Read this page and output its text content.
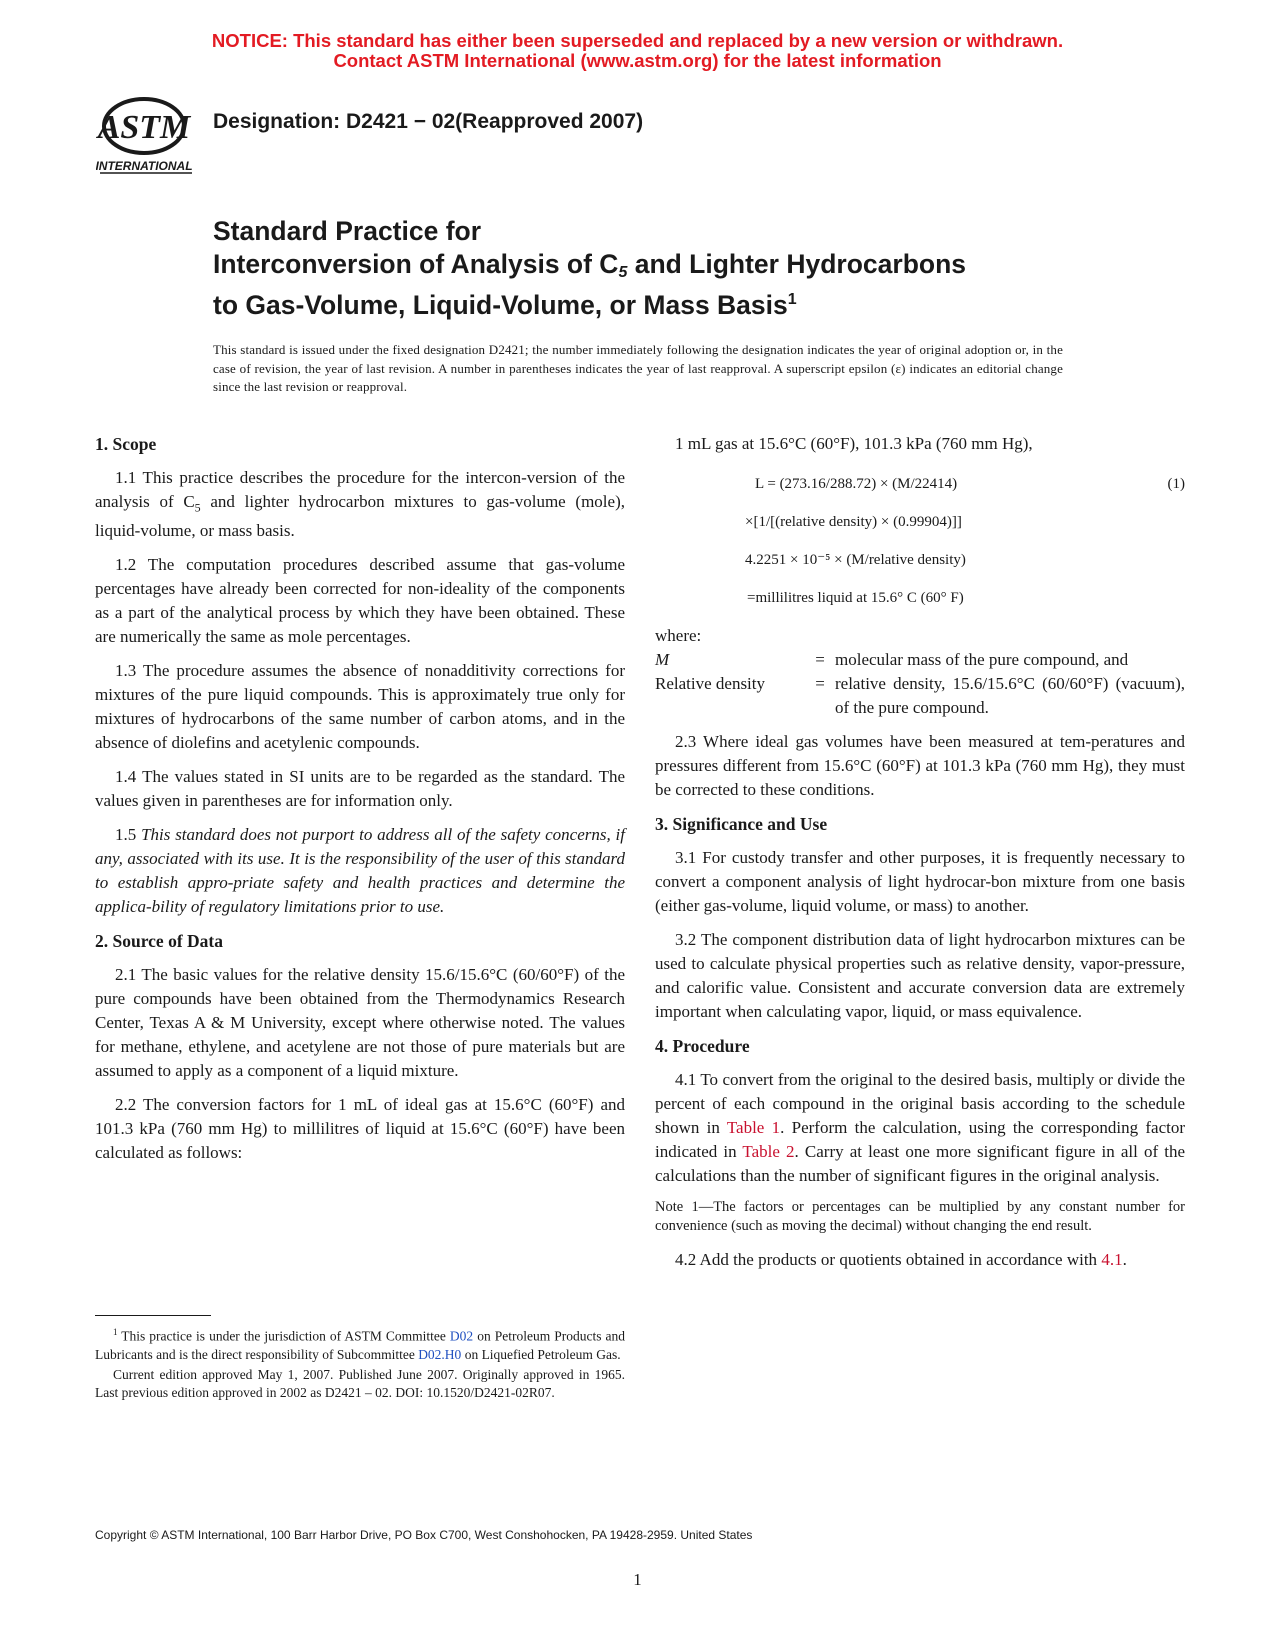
NOTICE: This standard has either been superseded and replaced by a new version or withdrawn.
Contact ASTM International (www.astm.org) for the latest information
ASTM
INTERNATIONAL
Designation: D2421 − 02(Reapproved 2007)
Standard Practice for
Interconversion of Analysis of $C_5$ and Lighter Hydrocarbons
to Gas-Volume, Liquid-Volume, or Mass Basis$^1$
This standard is issued under the fixed designation D2421; the number immediately following the designation indicates the year of original adoption or, in the case of revision, the year of last revision. A number in parentheses indicates the year of last reapproval. A superscript epsilon (ε) indicates an editorial change since the last revision or reapproval.
1. Scope

1.1 This practice describes the procedure for the intercon-version of the analysis of $C_5$ and lighter hydrocarbon mixtures to gas-volume (mole), liquid-volume, or mass basis.

1.2 The computation procedures described assume that gas-volume percentages have already been corrected for non-ideality of the components as a part of the analytical process by which they have been obtained. These are numerically the same as mole percentages.

1.3 The procedure assumes the absence of nonadditivity corrections for mixtures of the pure liquid compounds. This is approximately true only for mixtures of hydrocarbons of the same number of carbon atoms, and in the absence of diolefins and acetylenic compounds.

1.4 The values stated in SI units are to be regarded as the standard. The values given in parentheses are for information only.

1.5 This standard does not purport to address all of the safety concerns, if any, associated with its use. It is the responsibility of the user of this standard to establish appro-priate safety and health practices and determine the applica-bility of regulatory limitations prior to use.

2. Source of Data

2.1 The basic values for the relative density 15.6/15.6°C (60/60°F) of the pure compounds have been obtained from the Thermodynamics Research Center, Texas A & M University, except where otherwise noted. The values for methane, ethylene, and acetylene are not those of pure materials but are assumed to apply as a component of a liquid mixture.

2.2 The conversion factors for 1 mL of ideal gas at 15.6°C (60°F) and 101.3 kPa (760 mm Hg) to millilitres of liquid at 15.6°C (60°F) have been calculated as follows:

1 mL gas at 15.6°C (60°F), 101.3 kPa (760 mm Hg),

L = (273.16/288.72) × (M/22414)	(1)
×[1/[(relative density) × (0.99904)]]
4.2251 × 10⁻⁵ × (M/relative density)
=millilitres liquid at 15.6° C (60° F)

where:

M	=	molecular mass of the pure compound, and
Relative density	=	relative density, 15.6/15.6°C (60/60°F) (vacuum), of the pure compound.

2.3 Where ideal gas volumes have been measured at tem-peratures and pressures different from 15.6°C (60°F) at 101.3 kPa (760 mm Hg), they must be corrected to these conditions.

3. Significance and Use

3.1 For custody transfer and other purposes, it is frequently necessary to convert a component analysis of light hydrocar-bon mixture from one basis (either gas-volume, liquid volume, or mass) to another.

3.2 The component distribution data of light hydrocarbon mixtures can be used to calculate physical properties such as relative density, vapor-pressure, and calorific value. Consistent and accurate conversion data are extremely important when calculating vapor, liquid, or mass equivalence.

4. Procedure

4.1 To convert from the original to the desired basis, multiply or divide the percent of each compound in the original basis according to the schedule shown in Table 1. Perform the calculation, using the corresponding factor indicated in Table 2. Carry at least one more significant figure in all of the calculations than the number of significant figures in the original analysis.

Note 1—The factors or percentages can be multiplied by any constant number for convenience (such as moving the decimal) without changing the end result.

4.2 Add the products or quotients obtained in accordance with 4.1.

$^1$ This practice is under the jurisdiction of ASTM Committee D02 on Petroleum Products and Lubricants and is the direct responsibility of Subcommittee D02.H0 on Liquefied Petroleum Gas.

Current edition approved May 1, 2007. Published June 2007. Originally approved in 1965. Last previous edition approved in 2002 as D2421 – 02. DOI: 10.1520/D2421-02R07.

Copyright © ASTM International, 100 Barr Harbor Drive, PO Box C700, West Conshohocken, PA 19428-2959. United States
1
